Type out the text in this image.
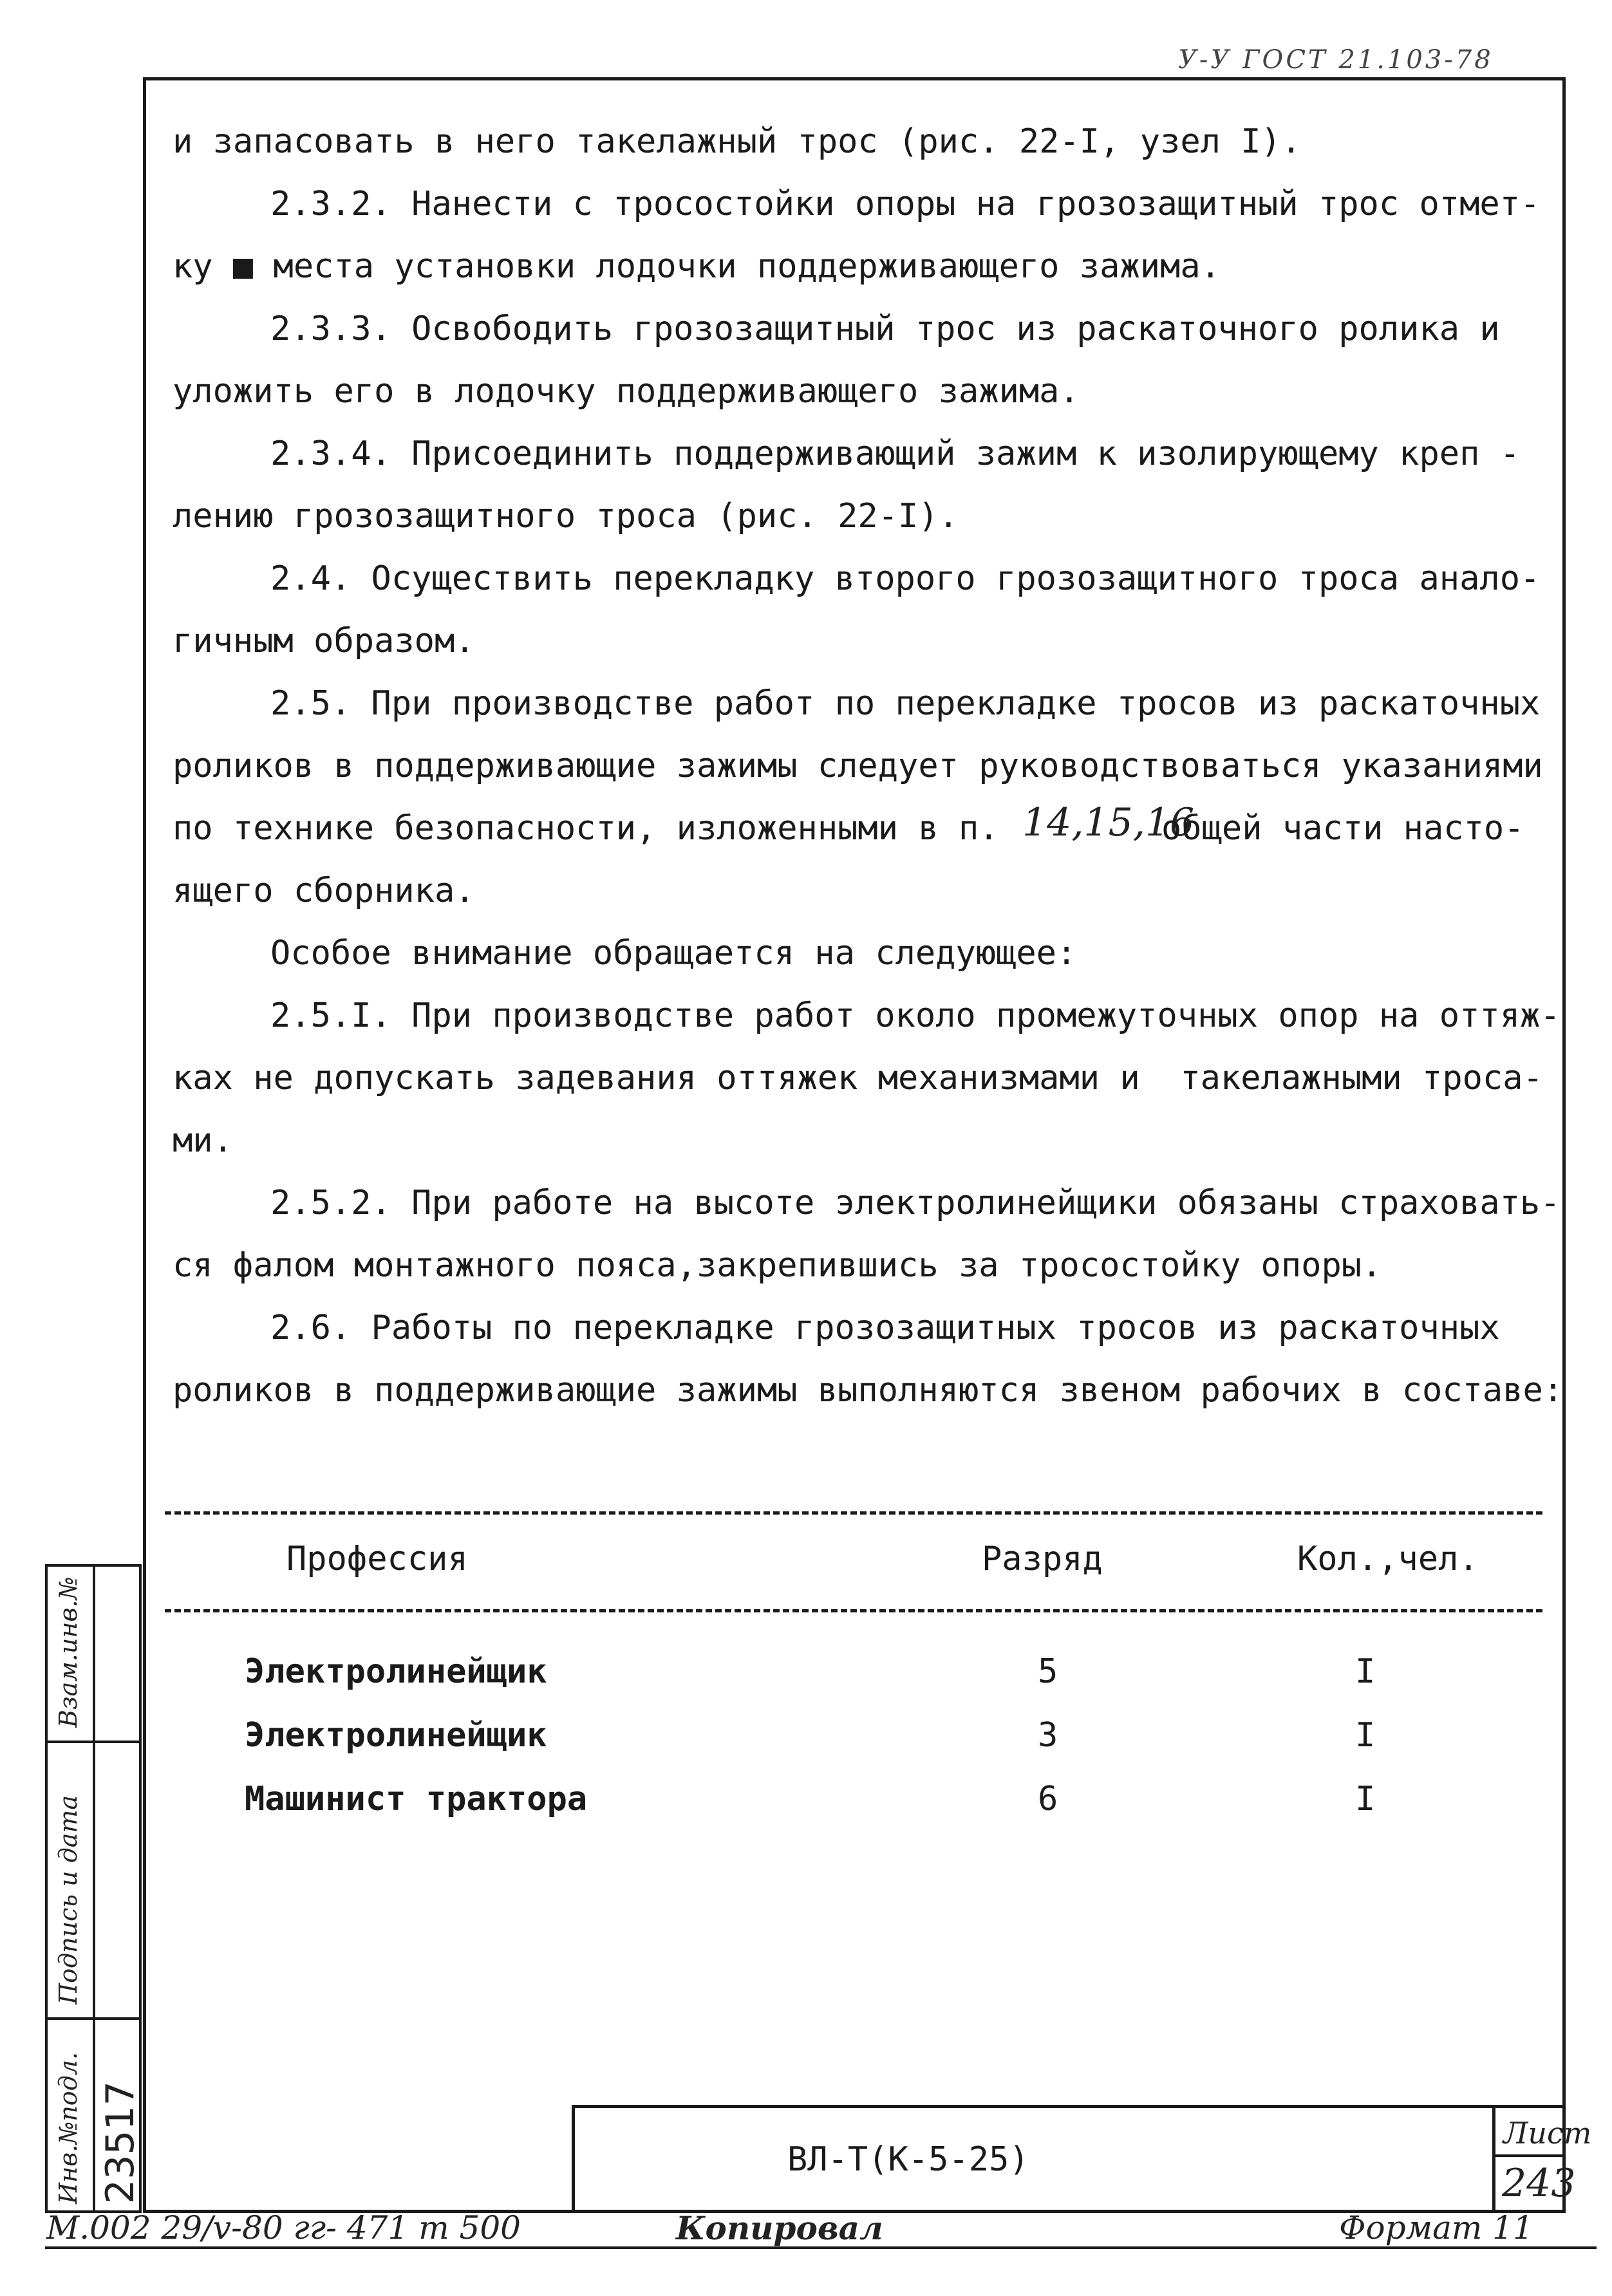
У-У ГОСТ 21.103-78
и запасовать в него такелажный трос (рис. 22-I, узел I).
2.3.2. Нанести с тросостойки опоры на грозозащитный трос отмет-
ку ■ места установки лодочки поддерживающего зажима.
2.3.3. Освободить грозозащитный трос из раскаточного ролика и
уложить его в лодочку поддерживающего зажима.
2.3.4. Присоединить поддерживающий зажим к изолирующему креп -
лению грозозащитного троса (рис. 22-I).
2.4. Осуществить перекладку второго грозозащитного троса анало-
гичным образом.
2.5. При производстве работ по перекладке тросов из раскаточных
роликов в поддерживающие зажимы следует руководствоваться указаниями
по технике безопасности, изложенными в п. 14,15,16
общей части насто-
ящего сборника.
Особое внимание обращается на следующее:
2.5.I. При производстве работ около промежуточных опор на оттяж-
ках не допускать задевания оттяжек механизмами и  такелажными троса-
ми.
2.5.2. При работе на высоте электролинейщики обязаны страховать-
ся фалом монтажного пояса,закрепившись за тросостойку опоры.
2.6. Работы по перекладке грозозащитных тросов из раскаточных
роликов в поддерживающие зажимы выполняются звеном рабочих в составе:
Профессия	Разряд	Кол.,чел.
Электролинейщик	5	I
Электролинейщик	3	I
Машинист трактора	6	I
ВЛ-Т(К-5-25)
Лист
243
Взам.инв.№
Подпись и дата
Инв.№подл. 23517
М.002 29/v-80 гг- 471 т 500	Копировал	Формат 11
